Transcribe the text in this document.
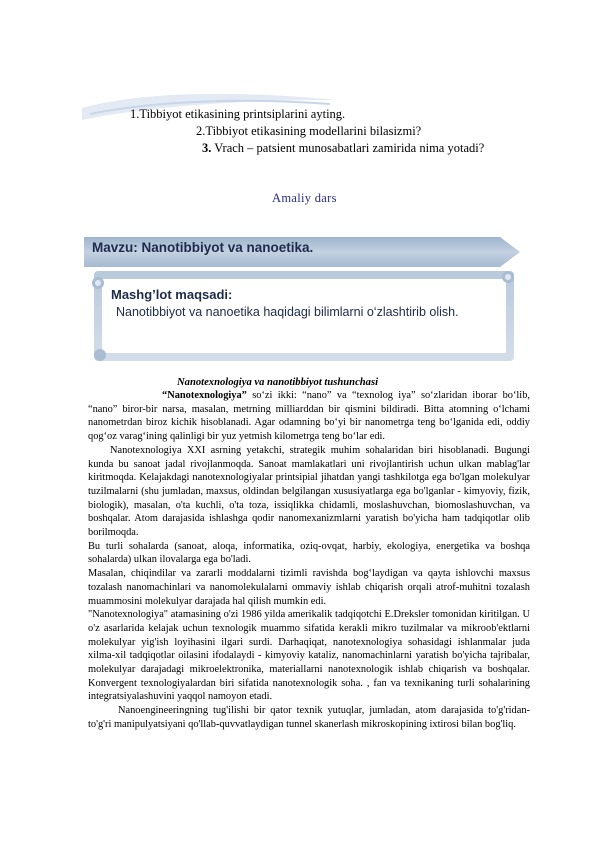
1.Tibbiyot etikasining printsiplarini ayting.
2.Tibbiyot etikasining modellarini bilasizmi?
3. Vrach – patsient munosabatlari zamirida nima yotadi?
Amaliy dars
Mavzu: Nanotibbiyot va nanoetika.
Mashg’lot maqsadi:
Nanotibbiyot va nanoetika haqidagi bilimlarni o‘zlashtirib olish.
Nanotexnologiya va nanotibbiyot tushunchasi

“Nanotexnologiya” so‘zi ikki: “nano” va “texnolog iya” so‘zlaridan iborar bo‘lib, “nano” biror-bir narsa, masalan, metrning milliarddan bir qismini bildiradi. Bitta atomning o‘lchami nanometrdan biroz kichik hisoblanadi. Agar odamning bo‘yi bir nanometrga teng bo‘lganida edi, oddiy qog‘oz varag‘ining qalinligi bir yuz yetmish kilometrga teng bo‘lar edi.

Nanotexnologiya XXI asrning yetakchi, strategik muhim sohalaridan biri hisoblanadi. Bugungi kunda bu sanoat jadal rivojlanmoqda. Sanoat mamlakatlari uni rivojlantirish uchun ulkan mablag'lar kiritmoqda. Kelajakdagi nanotexnologiyalar printsipial jihatdan yangi tashkilotga ega bo'lgan molekulyar tuzilmalarni (shu jumladan, maxsus, oldindan belgilangan xususiyatlarga ega bo'lganlar - kimyoviy, fizik, biologik), masalan, o'ta kuchli, o'ta toza, issiqlikka chidamli, moslashuvchan, biomoslashuvchan, va boshqalar. Atom darajasida ishlashga qodir nanomexanizmlarni yaratish bo'yicha ham tadqiqotlar olib borilmoqda.

Bu turli sohalarda (sanoat, aloqa, informatika, oziq-ovqat, harbiy, ekologiya, energetika va boshqa sohalarda) ulkan ilovalarga ega bo'ladi.

Masalan, chiqindilar va zararli moddalarni tizimli ravishda bog‘laydigan va qayta ishlovchi maxsus tozalash nanomachinlari va nanomolekulalarni ommaviy ishlab chiqarish orqali atrof-muhitni tozalash muammosini molekulyar darajada hal qilish mumkin edi.

"Nanotexnologiya" atamasining o'zi 1986 yilda amerikalik tadqiqotchi E.Dreksler tomonidan kiritilgan. U o'z asarlarida kelajak uchun texnologik muammo sifatida kerakli mikro tuzilmalar va mikroob'ektlarni molekulyar yig'ish loyihasini ilgari surdi. Darhaqiqat, nanotexnologiya sohasidagi ishlanmalar juda xilma-xil tadqiqotlar oilasini ifodalaydi - kimyoviy kataliz, nanomachinlarni yaratish bo'yicha tajribalar, molekulyar darajadagi mikroelektronika, materiallarni nanotexnologik ishlab chiqarish va boshqalar. Konvergent texnologiyalardan biri sifatida nanotexnologik soha. , fan va texnikaning turli sohalarining integratsiyalashuvini yaqqol namoyon etadi.

Nanoengineeringning tug'ilishi bir qator texnik yutuqlar, jumladan, atom darajasida to'g'ridan-to'g'ri manipulyatsiyani qo'llab-quvvatlaydigan tunnel skanerlash mikroskopining ixtirosi bilan bog'liq.
